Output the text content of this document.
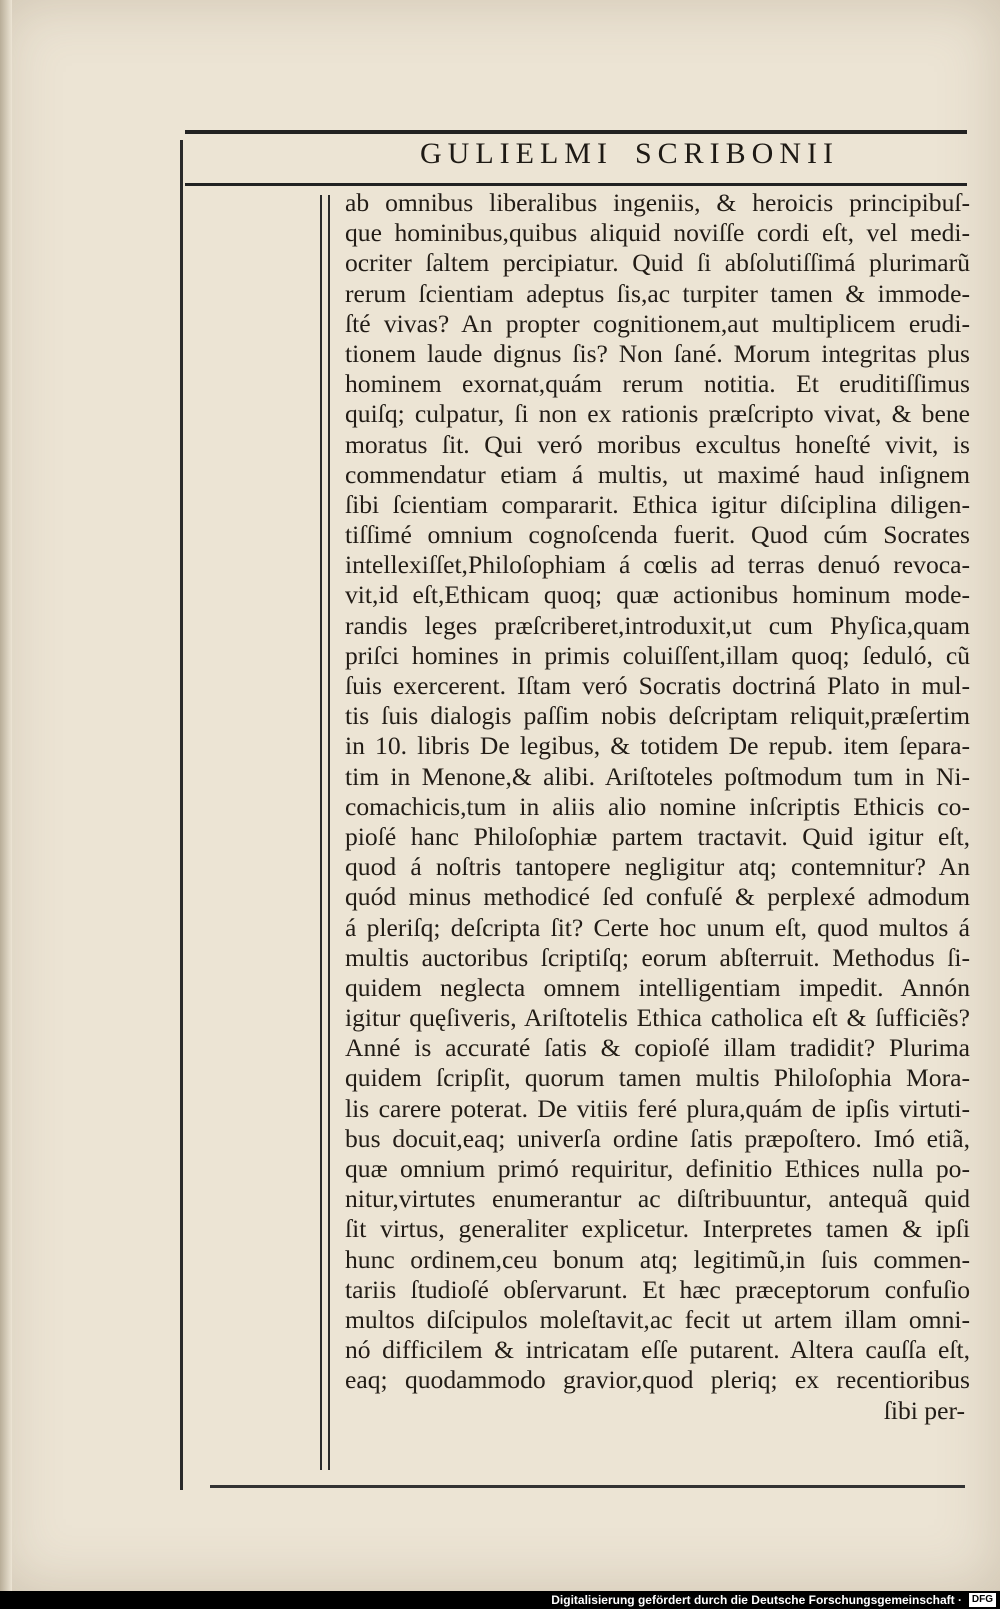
GULIELMI SCRIBONII
ab omnibus liberalibus ingeniis, & heroicis principibuſ-
que hominibus,quibus aliquid noviſſe cordi eſt, vel medi-
ocriter ſaltem percipiatur. Quid ſi abſolutiſſimá plurimarũ
rerum ſcientiam adeptus ſis,ac turpiter tamen & immode-
ſté vivas? An propter cognitionem,aut multiplicem erudi-
tionem laude dignus ſis? Non ſané. Morum integritas plus
hominem exornat,quám rerum notitia. Et eruditiſſimus
quiſq; culpatur, ſi non ex rationis præſcripto vivat, & bene
moratus ſit. Qui veró moribus excultus honeſté vivit, is
commendatur etiam á multis, ut maximé haud inſignem
ſibi ſcientiam compararit. Ethica igitur diſciplina diligen-
tiſſimé omnium cognoſcenda fuerit. Quod cúm Socrates
intellexiſſet,Philoſophiam á cœlis ad terras denuó revoca-
vit,id eſt,Ethicam quoq; quæ actionibus hominum mode-
randis leges præſcriberet,introduxit,ut cum Phyſica,quam
priſci homines in primis coluiſſent,illam quoq; ſeduló, cũ
ſuis exercerent. Iſtam veró Socratis doctriná Plato in mul-
tis ſuis dialogis paſſim nobis deſcriptam reliquit,præſertim
in 10. libris De legibus, & totidem De repub. item ſepara-
tim in Menone,& alibi. Ariſtoteles poſtmodum tum in Ni-
comachicis,tum in aliis alio nomine inſcriptis Ethicis co-
pioſé hanc Philoſophiæ partem tractavit. Quid igitur eſt,
quod á noſtris tantopere negligitur atq; contemnitur? An
quód minus methodicé ſed confuſé & perplexé admodum
á pleriſq; deſcripta ſit? Certe hoc unum eſt, quod multos á
multis auctoribus ſcriptiſq; eorum abſterruit. Methodus ſi-
quidem neglecta omnem intelligentiam impedit. Annón
igitur quęſiveris, Ariſtotelis Ethica catholica eſt & ſufficiẽs?
Anné is accuraté ſatis & copioſé illam tradidit? Plurima
quidem ſcripſit, quorum tamen multis Philoſophia Mora-
lis carere poterat. De vitiis feré plura,quám de ipſis virtuti-
bus docuit,eaq; univerſa ordine ſatis præpoſtero. Imó etiã,
quæ omnium primó requiritur, definitio Ethices nulla po-
nitur,virtutes enumerantur ac diſtribuuntur, antequã quid
ſit virtus, generaliter explicetur. Interpretes tamen & ipſi
hunc ordinem,ceu bonum atq; legitimũ,in ſuis commen-
tariis ſtudioſé obſervarunt. Et hæc præceptorum confuſio
multos diſcipulos moleſtavit,ac fecit ut artem illam omni-
nó difficilem & intricatam eſſe putarent. Altera cauſſa eſt,
eaq; quodammodo gravior,quod pleriq; ex recentioribus
ſibi per-
Digitalisierung gefördert durch die Deutsche Forschungsgemeinschaft · DFG
